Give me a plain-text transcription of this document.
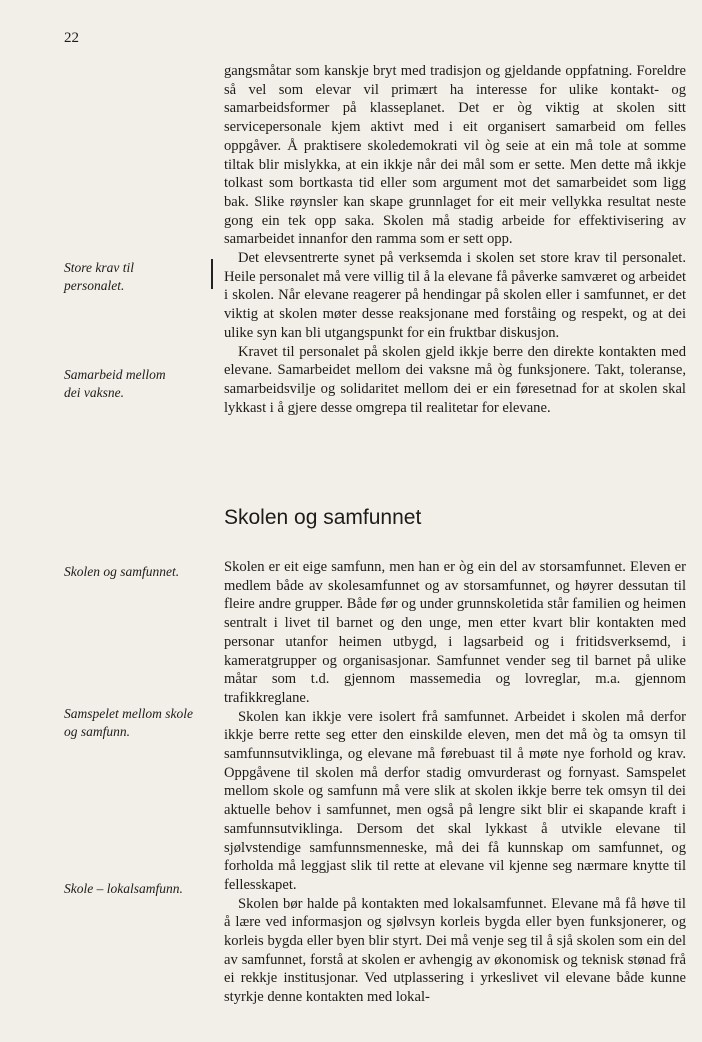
22
Store krav til
personalet.
Samarbeid mellom
dei vaksne.
Skolen og samfunnet.
Samspelet mellom skole
og samfunn.
Skole – lokalsamfunn.

gangsmåtar som kanskje bryt med tradisjon og gjeldande oppfatning. Foreldre så vel som elevar vil primært ha interesse for ulike kontakt- og samarbeidsformer på klasseplanet. Det er òg viktig at skolen sitt servicepersonale kjem aktivt med i eit organisert samarbeid om felles oppgåver. Å praktisere skoledemokrati vil òg seie at ein må tole at somme tiltak blir mislykka, at ein ikkje når dei mål som er sette. Men dette må ikkje tolkast som bortkasta tid eller som argument mot det samarbeidet som ligg bak. Slike røynsler kan skape grunnlaget for eit meir vellykka resultat neste gong ein tek opp saka. Skolen må stadig arbeide for effektivisering av samarbeidet innanfor den ramma som er sett opp.

Det elevsentrerte synet på verksemda i skolen set store krav til personalet. Heile personalet må vere villig til å la elevane få påverke samværet og arbeidet i skolen. Når elevane reagerer på hendingar på skolen eller i samfunnet, er det viktig at skolen møter desse reaksjonane med forståing og respekt, og at dei ulike syn kan bli utgangspunkt for ein fruktbar diskusjon.

Kravet til personalet på skolen gjeld ikkje berre den direkte kontakten med elevane. Samarbeidet mellom dei vaksne må òg funksjonere. Takt, toleranse, samarbeidsvilje og solidaritet mellom dei er ein føresetnad for at skolen skal lykkast i å gjere desse omgrepa til realitetar for elevane.

Skolen og samfunnet

Skolen er eit eige samfunn, men han er òg ein del av storsamfunnet. Eleven er medlem både av skolesamfunnet og av storsamfunnet, og høyrer dessutan til fleire andre grupper. Både før og under grunnskoletida står familien og heimen sentralt i livet til barnet og den unge, men etter kvart blir kontakten med personar utanfor heimen utbygd, i lagsarbeid og i fritidsverksemd, i kameratgrupper og organisasjonar. Samfunnet vender seg til barnet på ulike måtar som t.d. gjennom massemedia og lovreglar, m.a. gjennom trafikkreglane.

Skolen kan ikkje vere isolert frå samfunnet. Arbeidet i skolen må derfor ikkje berre rette seg etter den einskilde eleven, men det må òg ta omsyn til samfunnsutviklinga, og elevane må førebuast til å møte nye forhold og krav. Oppgåvene til skolen må derfor stadig omvurderast og fornyast. Samspelet mellom skole og samfunn må vere slik at skolen ikkje berre tek omsyn til dei aktuelle behov i samfunnet, men også på lengre sikt blir ei skapande kraft i samfunnsutviklinga. Dersom det skal lykkast å utvikle elevane til sjølvstendige samfunnsmenneske, må dei få kunnskap om samfunnet, og forholda må leggjast slik til rette at elevane vil kjenne seg nærmare knytte til fellesskapet.

Skolen bør halde på kontakten med lokalsamfunnet. Elevane må få høve til å lære ved informasjon og sjølvsyn korleis bygda eller byen funksjonerer, og korleis bygda eller byen blir styrt. Dei må venje seg til å sjå skolen som ein del av samfunnet, forstå at skolen er avhengig av økonomisk og teknisk stønad frå ei rekkje institusjonar. Ved utplassering i yrkeslivet vil elevane både kunne styrkje denne kontakten med lokal-
